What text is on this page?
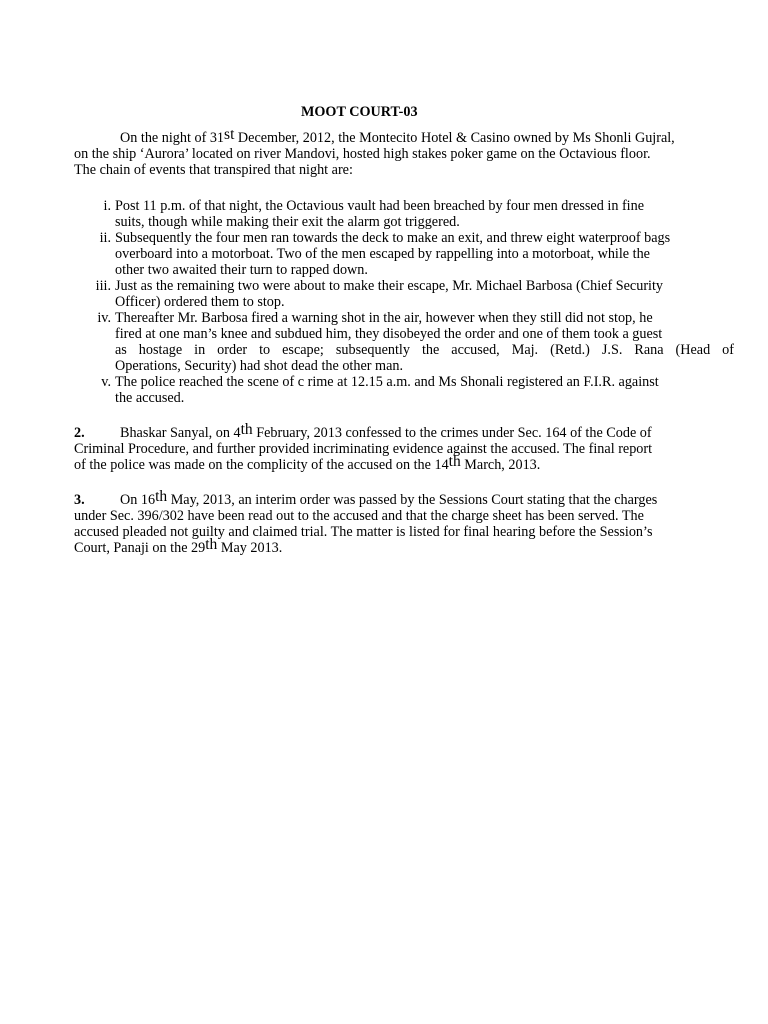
MOOT COURT-03

On the night of 31st December, 2012, the Montecito Hotel & Casino owned by Ms Shonli Gujral,
on the ship ‘Aurora’ located on river Mandovi, hosted high stakes poker game on the Octavious floor.
The chain of events that transpired that night are:

i. Post 11 p.m. of that night, the Octavious vault had been breached by four men dressed in fine
suits, though while making their exit the alarm got triggered.
ii. Subsequently the four men ran towards the deck to make an exit, and threw eight waterproof bags
overboard into a motorboat. Two of the men escaped by rappelling into a motorboat, while the
other two awaited their turn to rapped down.
iii. Just as the remaining two were about to make their escape, Mr. Michael Barbosa (Chief Security
Officer) ordered them to stop.
iv. Thereafter Mr. Barbosa fired a warning shot in the air, however when they still did not stop, he
fired at one man’s knee and subdued him, they disobeyed the order and one of them took a guest

as hostage in order to escape; subsequently the accused, Maj. (Retd.) J.S. Rana (Head of
Operations, Security) had shot dead the other man.
v. The police reached the scene of c rime at 12.15 a.m. and Ms Shonali registered an F.I.R. against
the accused.

2. Bhaskar Sanyal, on 4th February, 2013 confessed to the crimes under Sec. 164 of the Code of
Criminal Procedure, and further provided incriminating evidence against the accused. The final report
of the police was made on the complicity of the accused on the 14th March, 2013.

3. On 16th May, 2013, an interim order was passed by the Sessions Court stating that the charges
under Sec. 396/302 have been read out to the accused and that the charge sheet has been served. The
accused pleaded not guilty and claimed trial. The matter is listed for final hearing before the Session’s
Court, Panaji on the 29th May 2013.
